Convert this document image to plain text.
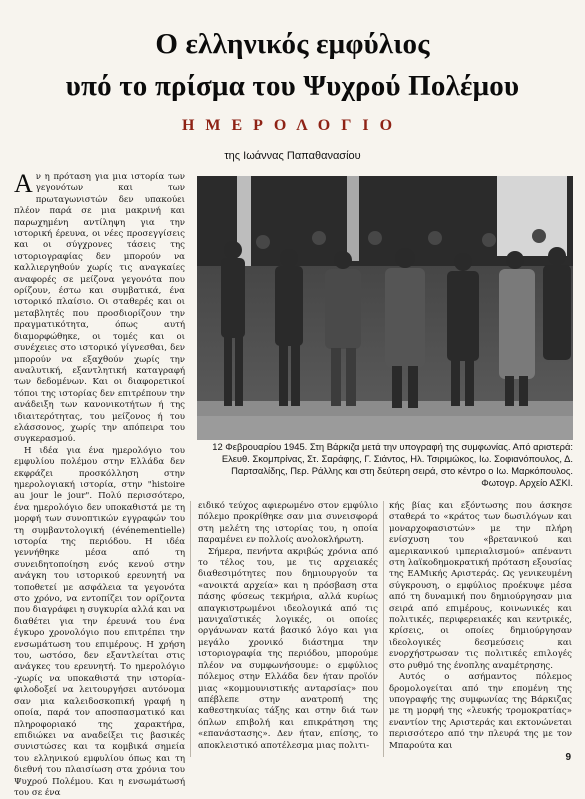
Ο ελληνικός εμφύλιος
υπό το πρίσμα του Ψυχρού Πολέμου
ΗΜΕΡΟΛΟΓΙΟ
της Ιωάννας Παπαθανασίου

Αν η πρόταση για μια ιστορία των γεγονότων και των πρωταγωνιστών δεν υπακούει πλέον παρά σε μια μακρινή και παρωχημένη αντίληψη για την ιστορική έρευνα, οι νέες προσεγγίσεις και οι σύγχρονες τάσεις της ιστοριογραφίας δεν μπορούν να καλλιεργηθούν χωρίς τις αναγκαίες αναφορές σε μείζονα γεγονότα που ορίζουν, έστω και συμβατικά, ένα ιστορικό πλαίσιο. Οι σταθερές και οι μεταβλητές που προσδιορίζουν την πραγματικότητα, όπως αυτή διαμορφώθηκε, οι τομές και οι συνέχειες στο ιστορικό γίγνεσθαι, δεν μπορούν να εξαχθούν χωρίς την αναλυτική, εξαντλητική καταγραφή των δεδομένων. Και οι διαφορετικοί τόποι της ιστορίας δεν επιτρέπουν την ανάδειξη των κανονικοτήτων ή της ιδιαιτερότητας, του μείζονος ή του ελάσσονος, χωρίς την απόπειρα του συγκερασμού.

Η ιδέα για ένα ημερολόγιο του εμφυλίου πολέμου στην Ελλάδα δεν εκφράζει προσκόλληση στην ημερολογιακή ιστορία, στην "histoire au jour le jour". Πολύ περισσότερο, ένα ημερολόγιο δεν υποκαθιστά με τη μορφή των συνοπτικών εγγραφών του τη συμβαντολογική (événementielle) ιστορία της περιόδου. Η ιδέα γεννήθηκε μέσα από τη συνειδητοποίηση ενός κενού στην ανάγκη του ιστορικού ερευνητή να τοποθετεί με ασφάλεια τα γεγονότα στο χρόνο, να εντοπίζει τον ορίζοντα που διαγράφει η συγκυρία αλλά και να διαθέτει για την έρευνά του ένα έγκυρο χρονολόγιο που επιτρέπει την ενσωμάτωση του επιμέρους. Η χρήση του, ωστόσο, δεν εξαντλείται στις ανάγκες του ερευνητή. Το ημερολόγιο -χωρίς να υποκαθιστά την ιστορία- φιλοδοξεί να λειτουργήσει αυτόνομα σαν μια καλειδοσκοπική γραφή η οποία, παρά τον αποσπασματικό και πληροφοριακό της χαρακτήρα, επιδιώκει να αναδείξει τις βασικές συνιστώσες και τα κομβικά σημεία του ελληνικού εμφυλίου όπως και τη διεθνή του πλαισίωση στα χρόνια του Ψυχρού Πολέμου. Και η ενσωμάτωσή του σε ένα

12 Φεβρουαρίου 1945. Στη Βάρκιζα μετά την υπογραφή της συμφωνίας. Από αριστερά:
Ελευθ. Σκομπρίνας, Στ. Σαράφης, Γ. Σιάντος, Ηλ. Τσιριμώκος, Ιω. Σοφιανόπουλος, Δ.
Παρτσαλίδης, Περ. Ράλλης και στη δεύτερη σειρά, στο κέντρο ο Ιω. Μαρκόπουλος.
Φωτογρ. Αρχείο ΑΣΚΙ.

ειδικό τεύχος αφιερωμένο στον εμφύλιο πόλεμο προκρίθηκε σαν μια συνεισφορά στη μελέτη της ιστορίας του, η οποία παραμένει εν πολλοίς ανολοκλήρωτη.

Σήμερα, πενήντα ακριβώς χρόνια από το τέλος του, με τις αρχειακές διαθεσιμότητες που δημιουργούν τα «ανοικτά αρχεία» και η πρόσβαση στα πάσης φύσεως τεκμήρια, αλλά κυρίως απαγκιστρωμένοι ιδεολογικά από τις μανιχαϊστικές λογικές, οι οποίες οργάνωναν κατά βασικό λόγο και για μεγάλο χρονικό διάστημα την ιστοριογραφία της περιόδου, μπορούμε πλέον να συμφωνήσουμε: ο εμφύλιος πόλεμος στην Ελλάδα δεν ήταν προϊόν μιας «κομμουνιστικής ανταρσίας» που απέβλεπε στην ανατροπή της καθεστηκυίας τάξης και στην διά των όπλων επιβολή και επικράτηση της «επανάστασης». Δεν ήταν, επίσης, το αποκλειστικό αποτέλεσμα μιας πολιτι-

κής βίας και εξόντωσης που άσκησε σταθερά το «κράτος των δωσιλόγων και μοναρχοφασιστών» με την πλήρη ενίσχυση του «βρετανικού και αμερικανικού ιμπεριαλισμού» απέναντι στη λαϊκοδημοκρατική πρόταση εξουσίας της ΕΑΜικής Αριστεράς. Ως γενικευμένη σύγκρουση, ο εμφύλιος προέκυψε μέσα από τη δυναμική που δημιούργησαν μια σειρά από επιμέρους, κοινωνικές και πολιτικές, περιφερειακές και κεντρικές, κρίσεις, οι οποίες δημιούργησαν ιδεολογικές δεσμεύσεις και ενορχήστρωσαν τις πολιτικές επιλογές στο ρυθμό της ένοπλης αναμέτρησης.

Αυτός ο ασήμαντος πόλεμος δρομολογείται από την επομένη της υπογραφής της συμφωνίας της Βάρκιζας με τη μορφή της «λευκής τρομοκρατίας» εναντίον της Αριστεράς και εκτονώνεται περισσότερο από την πλευρά της με τον Μπαρούτα και

9
